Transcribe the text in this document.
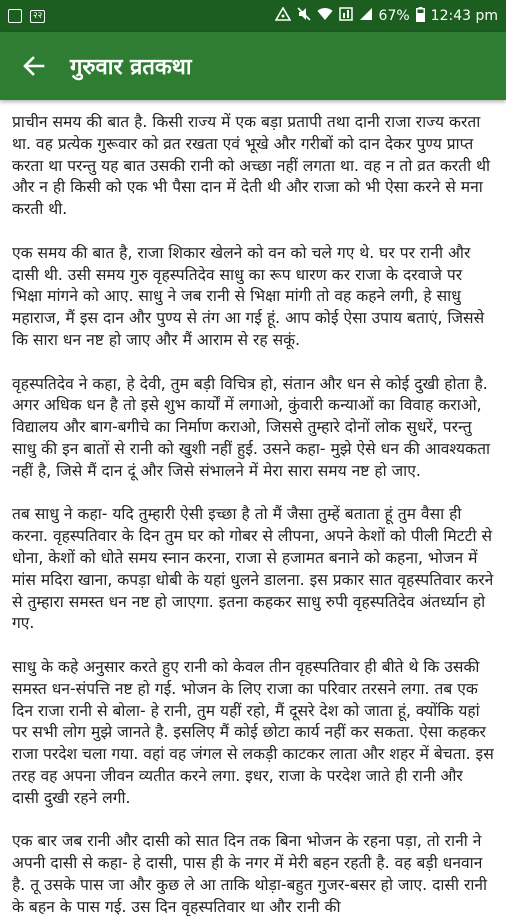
२२	67% 12:43 pm
गुरुवार व्रतकथा

प्राचीन समय की बात है. किसी राज्य में एक बड़ा प्रतापी तथा दानी राजा राज्य करता था. वह प्रत्येक गुरूवार को व्रत रखता एवं भूखे और गरीबों को दान देकर पुण्य प्राप्त करता था परन्तु यह बात उसकी रानी को अच्छा नहीं लगता था. वह न तो व्रत करती थी और न ही किसी को एक भी पैसा दान में देती थी और राजा को भी ऐसा करने से मना करती थी.

एक समय की बात है, राजा शिकार खेलने को वन को चले गए थे. घर पर रानी और दासी थी. उसी समय गुरु वृहस्पतिदेव साधु का रूप धारण कर राजा के दरवाजे पर भिक्षा मांगने को आए. साधु ने जब रानी से भिक्षा मांगी तो वह कहने लगी, हे साधु महाराज, मैं इस दान और पुण्य से तंग आ गई हूं. आप कोई ऐसा उपाय बताएं, जिससे कि सारा धन नष्ट हो जाए और मैं आराम से रह सकूं.

वृहस्पतिदेव ने कहा, हे देवी, तुम बड़ी विचित्र हो, संतान और धन से कोई दुखी होता है. अगर अधिक धन है तो इसे शुभ कार्यों में लगाओ, कुंवारी कन्याओं का विवाह कराओ, विद्यालय और बाग-बगीचे का निर्माण कराओ, जिससे तुम्हारे दोनों लोक सुधरें, परन्तु साधु की इन बातों से रानी को खुशी नहीं हुई. उसने कहा- मुझे ऐसे धन की आवश्यकता नहीं है, जिसे मैं दान दूं और जिसे संभालने में मेरा सारा समय नष्ट हो जाए.

तब साधु ने कहा- यदि तुम्हारी ऐसी इच्छा है तो मैं जैसा तुम्हें बताता हूं तुम वैसा ही करना. वृहस्पतिवार के दिन तुम घर को गोबर से लीपना, अपने केशों को पीली मिटटी से धोना, केशों को धोते समय स्नान करना, राजा से हजामत बनाने को कहना, भोजन में मांस मदिरा खाना, कपड़ा धोबी के यहां धुलने डालना. इस प्रकार सात वृहस्पतिवार करने से तुम्हारा समस्त धन नष्ट हो जाएगा. इतना कहकर साधु रुपी वृहस्पतिदेव अंतर्ध्यान हो गए.

साधु के कहे अनुसार करते हुए रानी को केवल तीन वृहस्पतिवार ही बीते थे कि उसकी समस्त धन-संपत्ति नष्ट हो गई. भोजन के लिए राजा का परिवार तरसने लगा. तब एक दिन राजा रानी से बोला- हे रानी, तुम यहीं रहो, मैं दूसरे देश को जाता हूं, क्योंकि यहां पर सभी लोग मुझे जानते है. इसलिए मैं कोई छोटा कार्य नहीं कर सकता. ऐसा कहकर राजा परदेश चला गया. वहां वह जंगल से लकड़ी काटकर लाता और शहर में बेचता. इस तरह वह अपना जीवन व्यतीत करने लगा. इधर, राजा के परदेश जाते ही रानी और दासी दुखी रहने लगी.

एक बार जब रानी और दासी को सात दिन तक बिना भोजन के रहना पड़ा, तो रानी ने अपनी दासी से कहा- हे दासी, पास ही के नगर में मेरी बहन रहती है. वह बड़ी धनवान है. तू उसके पास जा और कुछ ले आ ताकि थोड़ा-बहुत गुजर-बसर हो जाए. दासी रानी के बहन के पास गई. उस दिन वृहस्पतिवार था और रानी की
